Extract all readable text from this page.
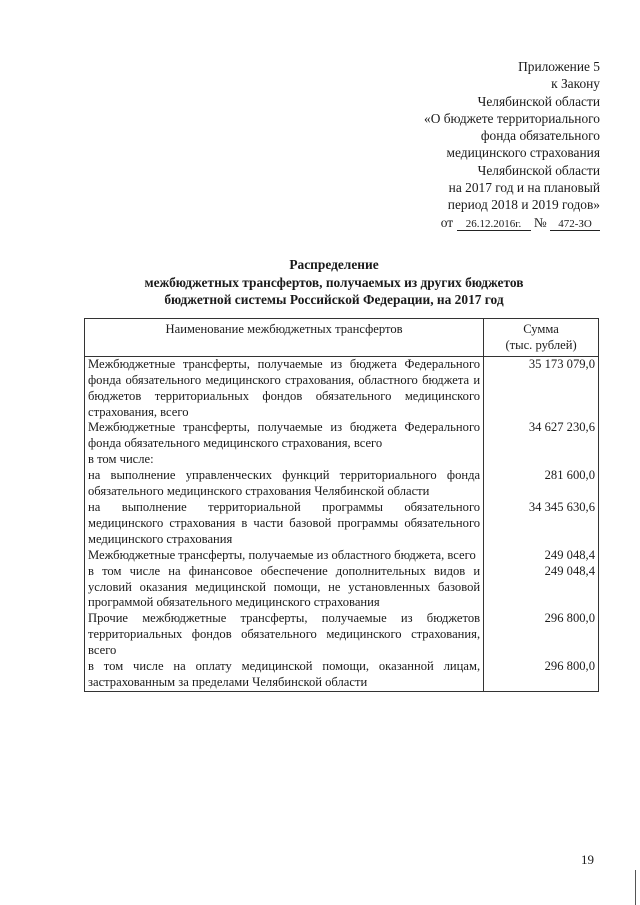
Приложение 5
к Закону
Челябинской области
«О бюджете территориального
фонда обязательного
медицинского страхования
Челябинской области
на 2017 год и на плановый
период 2018 и 2019 годов»
от 26.12.2016г. № 472-ЗО
Распределение
межбюджетных трансфертов, получаемых из других бюджетов
бюджетной системы Российской Федерации, на 2017 год
Наименование межбюджетных трансфертов	Сумма
(тыс. рублей)
Межбюджетные трансферты, получаемые из бюджета Федерального фонда обязательного медицинского страхования, областного бюджета и бюджетов территориальных фондов обязательного медицинского страхования, всего	35 173 079,0
Межбюджетные трансферты, получаемые из бюджета Федерального фонда обязательного медицинского страхования, всего	34 627 230,6
в том числе:	
на выполнение управленческих функций территориального фонда обязательного медицинского страхования Челябинской области	281 600,0
на выполнение территориальной программы обязательного медицинского страхования в части базовой программы обязательного медицинского страхования	34 345 630,6
Межбюджетные трансферты, получаемые из областного бюджета, всего	249 048,4
в том числе на финансовое обеспечение дополнительных видов и условий оказания медицинской помощи, не установленных базовой программой обязательного медицинского страхования	249 048,4
Прочие межбюджетные трансферты, получаемые из бюджетов территориальных фондов обязательного медицинского страхования, всего	296 800,0
в том числе на оплату медицинской помощи, оказанной лицам, застрахованным за пределами Челябинской области	296 800,0
19
